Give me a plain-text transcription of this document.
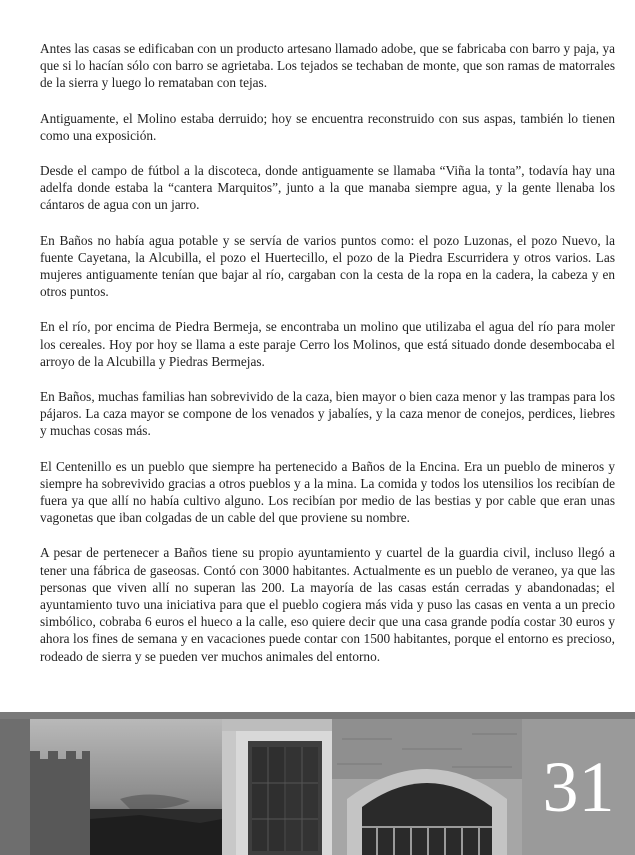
Antes las casas se edificaban con un producto artesano llamado adobe, que se fabricaba con barro y paja, ya que si lo hacían sólo con barro se agrietaba. Los tejados se techaban de monte, que son ramas de matorrales de la sierra y luego lo remataban con tejas.

Antiguamente, el Molino estaba derruido; hoy se encuentra reconstruido con sus aspas, también lo tienen como una exposición.

Desde el campo de fútbol a la discoteca, donde antiguamente se llamaba “Viña la tonta”, todavía hay una adelfa donde estaba la “cantera Marquitos”, junto a la que manaba siempre agua, y la gente llenaba los cántaros de agua con un jarro.

En Baños no había agua potable y se servía de varios puntos como: el pozo Luzonas, el pozo Nuevo, la fuente Cayetana, la Alcubilla, el pozo el Huertecillo, el pozo de la Piedra Escurridera y otros varios. Las mujeres antiguamente tenían que bajar al río, cargaban con la cesta de la ropa en la cadera, la cabeza y en otros puntos.

En el río, por encima de Piedra Bermeja, se encontraba un molino que utilizaba el agua del río para moler los cereales. Hoy por hoy se llama a este paraje Cerro los Molinos, que está situado donde desembocaba el arroyo de la Alcubilla y Piedras Bermejas.

En Baños, muchas familias han sobrevivido de la caza, bien mayor o bien caza menor y las trampas para los pájaros. La caza mayor se compone de los venados y jabalíes, y la caza menor de conejos, perdices, liebres y muchas cosas más.

El Centenillo es un pueblo que siempre ha pertenecido a Baños de la Encina. Era un pueblo de mineros y siempre ha sobrevivido gracias a otros pueblos y a la mina. La comida y todos los utensilios los recibían de fuera ya que allí no había cultivo alguno. Los recibían por medio de las bestias y por cable que eran unas vagonetas que iban colgadas de un cable del que proviene su nombre.

A pesar de pertenecer a Baños tiene su propio ayuntamiento y cuartel de la guardia civil, incluso llegó a tener una fábrica de gaseosas. Contó con 3000 habitantes. Actualmente es un pueblo de veraneo, ya que las personas que viven allí no superan las 200. La mayoría de las casas están cerradas y abandonadas; el ayuntamiento tuvo una iniciativa para que el pueblo cogiera más vida y puso las casas en venta a un precio simbólico, cobraba 6 euros el hueco a la calle, eso quiere decir que una casa grande podía costar 30 euros y ahora los fines de semana y en vacaciones puede contar con 1500 habitantes, porque el entorno es precioso, rodeado de sierra y se pueden ver muchos animales del entorno.

31
